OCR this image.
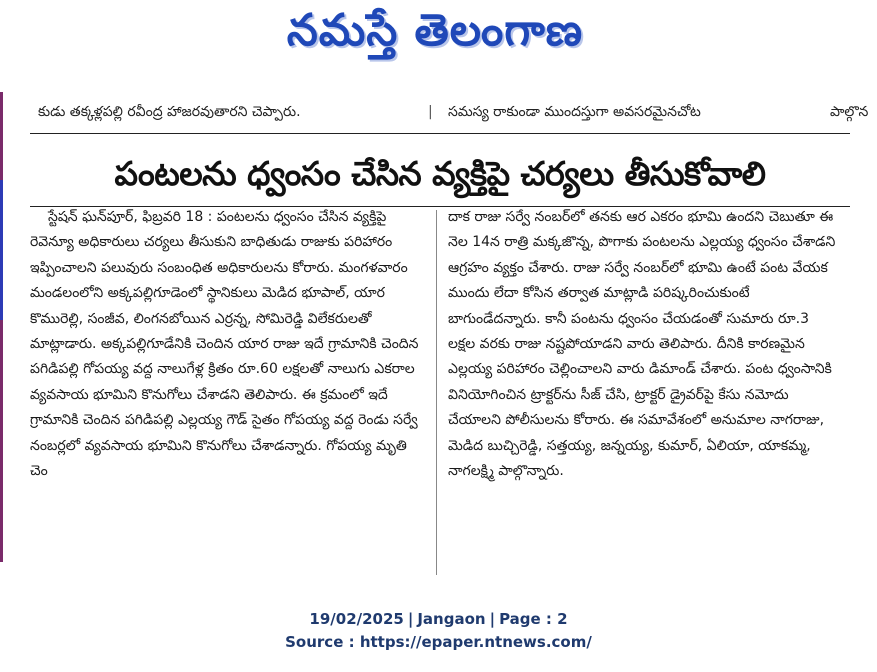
నమస్తే తెలంగాణ
కుడు తక్కళ్లపల్లి రవీంద్ర హాజరవుతారని చెప్పారు.	| సమస్య రాకుండా ముందస్తుగా అవసరమైనచోట	పాల్గొన
పంటలను ధ్వంసం చేసిన వ్యక్తిపై చర్యలు తీసుకోవాలి
స్టేషన్ ఘన్‌పూర్, ఫిబ్రవరి 18 : పంటలను ధ్వంసం చేసిన వ్యక్తిపై రెవెన్యూ అధికారులు చర్యలు తీసుకుని బాధితుడు రాజుకు పరిహారం ఇప్పించాలని పలువురు సంబంధిత అధికారులను కోరారు. మంగళవారం మండలంలోని అక్కపల్లిగూడెంలో స్థానికులు మెడిద భూపాల్, యార కొమురెల్లి, సంజీవ, లింగనబోయిన ఎర్రన్న, సోమిరెడ్డి విలేకరులతో మాట్లాడారు. అక్కపల్లిగూడేనికి చెందిన యార రాజు ఇదే గ్రామానికి చెందిన పగిడిపల్లి గోపయ్య వద్ద నాలుగేళ్ల క్రితం రూ.60 లక్షలతో నాలుగు ఎకరాల వ్యవసాయ భూమిని కొనుగోలు చేశాడని తెలిపారు. ఈ క్రమంలో ఇదే గ్రామానికి చెందిన పగిడిపల్లి ఎల్లయ్య గౌడ్ సైతం గోపయ్య వద్ద రెండు సర్వే నంబర్లలో వ్యవసాయ భూమిని కొనుగోలు చేశాడన్నారు. గోపయ్య మృతి చెం
దాక రాజు సర్వే నంబర్‌లో తనకు ఆర ఎకరం భూమి ఉందని చెబుతూ ఈ నెల 14న రాత్రి మక్కజొన్న, పొగాకు పంటలను ఎల్లయ్య ధ్వంసం చేశాడని ఆగ్రహం వ్యక్తం చేశారు. రాజు సర్వే నంబర్‌లో భూమి ఉంటే పంట వేయక ముందు లేదా కోసిన తర్వాత మాట్లాడి పరిష్కరించుకుంటే బాగుండేదన్నారు. కానీ పంటను ధ్వంసం చేయడంతో సుమారు రూ.3 లక్షల వరకు రాజు నష్టపోయాడని వారు తెలిపారు. దీనికి కారణమైన ఎల్లయ్య పరిహారం చెల్లించాలని వారు డిమాండ్ చేశారు. పంట ధ్వంసానికి వినియోగించిన ట్రాక్టర్‌ను సీజ్ చేసి, ట్రాక్టర్ డ్రైవర్‌పై కేసు నమోదు చేయాలని పోలీసులను కోరారు. ఈ సమావేశంలో అనుమాల నాగరాజు, మెడిద బుచ్చిరెడ్డి, సత్తయ్య, జన్నయ్య, కుమార్, ఏలియా, యాకమ్మ, నాగలక్ష్మి పాల్గొన్నారు.
19/02/2025 | Jangaon | Page : 2
Source : https://epaper.ntnews.com/
